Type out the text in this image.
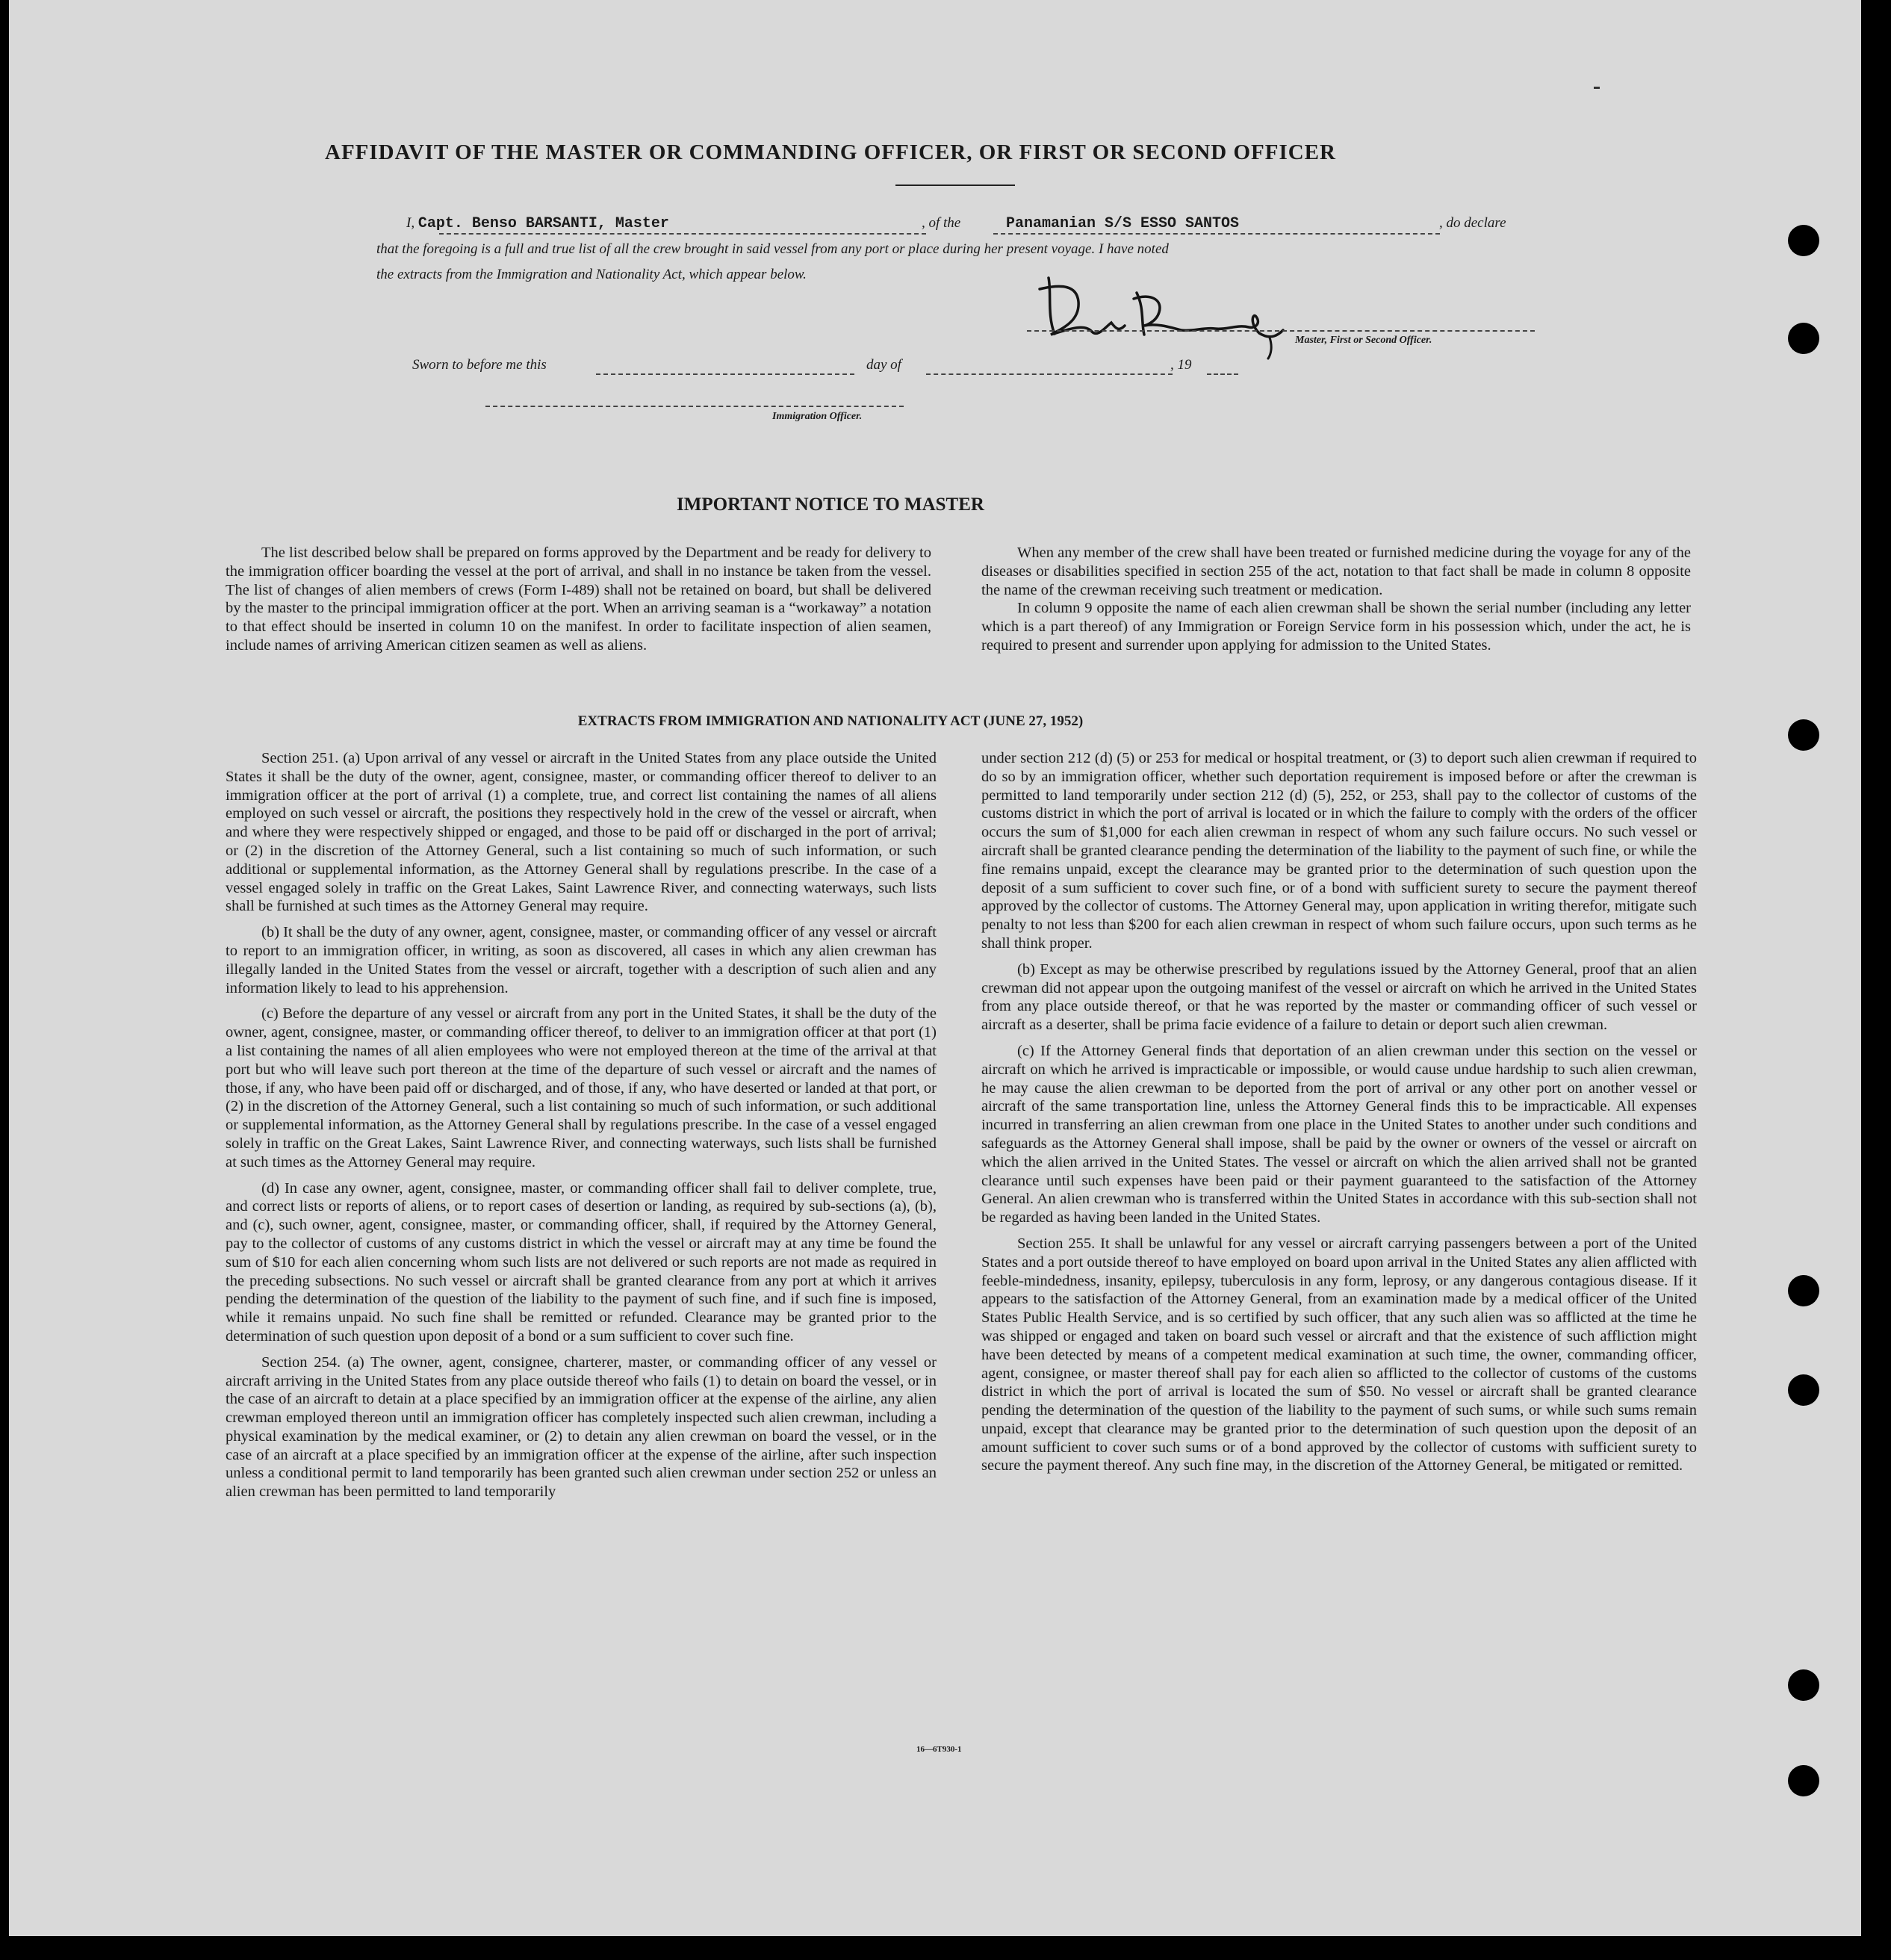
AFFIDAVIT OF THE MASTER OR COMMANDING OFFICER, OR FIRST OR SECOND OFFICER
I, Capt. Benso BARSANTI, Master	, of the	Panamanian S/S ESSO SANTOS	, do declare
that the foregoing is a full and true list of all the crew brought in said vessel from any port or place during her present voyage. I have noted
the extracts from the Immigration and Nationality Act, which appear below.
Master, First or Second Officer.
Sworn to before me this	day of	, 19
Immigration Officer.
IMPORTANT NOTICE TO MASTER

The list described below shall be prepared on forms approved by the Department and be ready for delivery to the immigration officer boarding the vessel at the port of arrival, and shall in no instance be taken from the vessel. The list of changes of alien members of crews (Form I-489) shall not be retained on board, but shall be delivered by the master to the principal immigration officer at the port. When an arriving seaman is a “workaway” a notation to that effect should be inserted in column 10 on the manifest. In order to facilitate inspection of alien seamen, include names of arriving American citizen seamen as well as aliens.

When any member of the crew shall have been treated or furnished medicine during the voyage for any of the diseases or disabilities specified in section 255 of the act, notation to that fact shall be made in column 8 opposite the name of the crewman receiving such treatment or medication.

In column 9 opposite the name of each alien crewman shall be shown the serial number (including any letter which is a part thereof) of any Immigration or Foreign Service form in his possession which, under the act, he is required to present and surrender upon applying for admission to the United States.

EXTRACTS FROM IMMIGRATION AND NATIONALITY ACT (JUNE 27, 1952)

Section 251. (a) Upon arrival of any vessel or aircraft in the United States from any place outside the United States it shall be the duty of the owner, agent, consignee, master, or commanding officer thereof to deliver to an immigration officer at the port of arrival (1) a complete, true, and correct list containing the names of all aliens employed on such vessel or aircraft, the positions they respectively hold in the crew of the vessel or aircraft, when and where they were respectively shipped or engaged, and those to be paid off or discharged in the port of arrival; or (2) in the discretion of the Attorney General, such a list containing so much of such information, or such additional or supplemental information, as the Attorney General shall by regulations prescribe. In the case of a vessel engaged solely in traffic on the Great Lakes, Saint Lawrence River, and connecting waterways, such lists shall be furnished at such times as the Attorney General may require.

(b) It shall be the duty of any owner, agent, consignee, master, or commanding officer of any vessel or aircraft to report to an immigration officer, in writing, as soon as discovered, all cases in which any alien crewman has illegally landed in the United States from the vessel or aircraft, together with a description of such alien and any information likely to lead to his apprehension.

(c) Before the departure of any vessel or aircraft from any port in the United States, it shall be the duty of the owner, agent, consignee, master, or commanding officer thereof, to deliver to an immigration officer at that port (1) a list containing the names of all alien employees who were not employed thereon at the time of the arrival at that port but who will leave such port thereon at the time of the departure of such vessel or aircraft and the names of those, if any, who have been paid off or discharged, and of those, if any, who have deserted or landed at that port, or (2) in the discretion of the Attorney General, such a list containing so much of such information, or such additional or supplemental information, as the Attorney General shall by regulations prescribe. In the case of a vessel engaged solely in traffic on the Great Lakes, Saint Lawrence River, and connecting waterways, such lists shall be furnished at such times as the Attorney General may require.

(d) In case any owner, agent, consignee, master, or commanding officer shall fail to deliver complete, true, and correct lists or reports of aliens, or to report cases of desertion or landing, as required by sub-sections (a), (b), and (c), such owner, agent, consignee, master, or commanding officer, shall, if required by the Attorney General, pay to the collector of customs of any customs district in which the vessel or aircraft may at any time be found the sum of $10 for each alien concerning whom such lists are not delivered or such reports are not made as required in the preceding subsections. No such vessel or aircraft shall be granted clearance from any port at which it arrives pending the determination of the question of the liability to the payment of such fine, and if such fine is imposed, while it remains unpaid. No such fine shall be remitted or refunded. Clearance may be granted prior to the determination of such question upon deposit of a bond or a sum sufficient to cover such fine.

Section 254. (a) The owner, agent, consignee, charterer, master, or commanding officer of any vessel or aircraft arriving in the United States from any place outside thereof who fails (1) to detain on board the vessel, or in the case of an aircraft to detain at a place specified by an immigration officer at the expense of the airline, any alien crewman employed thereon until an immigration officer has completely inspected such alien crewman, including a physical examination by the medical examiner, or (2) to detain any alien crewman on board the vessel, or in the case of an aircraft at a place specified by an immigration officer at the expense of the airline, after such inspection unless a conditional permit to land temporarily has been granted such alien crewman under section 252 or unless an alien crewman has been permitted to land temporarily

under section 212 (d) (5) or 253 for medical or hospital treatment, or (3) to deport such alien crewman if required to do so by an immigration officer, whether such deportation requirement is imposed before or after the crewman is permitted to land temporarily under section 212 (d) (5), 252, or 253, shall pay to the collector of customs of the customs district in which the port of arrival is located or in which the failure to comply with the orders of the officer occurs the sum of $1,000 for each alien crewman in respect of whom any such failure occurs. No such vessel or aircraft shall be granted clearance pending the determination of the liability to the payment of such fine, or while the fine remains unpaid, except the clearance may be granted prior to the determination of such question upon the deposit of a sum sufficient to cover such fine, or of a bond with sufficient surety to secure the payment thereof approved by the collector of customs. The Attorney General may, upon application in writing therefor, mitigate such penalty to not less than $200 for each alien crewman in respect of whom such failure occurs, upon such terms as he shall think proper.

(b) Except as may be otherwise prescribed by regulations issued by the Attorney General, proof that an alien crewman did not appear upon the outgoing manifest of the vessel or aircraft on which he arrived in the United States from any place outside thereof, or that he was reported by the master or commanding officer of such vessel or aircraft as a deserter, shall be prima facie evidence of a failure to detain or deport such alien crewman.

(c) If the Attorney General finds that deportation of an alien crewman under this section on the vessel or aircraft on which he arrived is impracticable or impossible, or would cause undue hardship to such alien crewman, he may cause the alien crewman to be deported from the port of arrival or any other port on another vessel or aircraft of the same transportation line, unless the Attorney General finds this to be impracticable. All expenses incurred in transferring an alien crewman from one place in the United States to another under such conditions and safeguards as the Attorney General shall impose, shall be paid by the owner or owners of the vessel or aircraft on which the alien arrived in the United States. The vessel or aircraft on which the alien arrived shall not be granted clearance until such expenses have been paid or their payment guaranteed to the satisfaction of the Attorney General. An alien crewman who is transferred within the United States in accordance with this sub-section shall not be regarded as having been landed in the United States.

Section 255. It shall be unlawful for any vessel or aircraft carrying passengers between a port of the United States and a port outside thereof to have employed on board upon arrival in the United States any alien afflicted with feeble-mindedness, insanity, epilepsy, tuberculosis in any form, leprosy, or any dangerous contagious disease. If it appears to the satisfaction of the Attorney General, from an examination made by a medical officer of the United States Public Health Service, and is so certified by such officer, that any such alien was so afflicted at the time he was shipped or engaged and taken on board such vessel or aircraft and that the existence of such affliction might have been detected by means of a competent medical examination at such time, the owner, commanding officer, agent, consignee, or master thereof shall pay for each alien so afflicted to the collector of customs of the customs district in which the port of arrival is located the sum of $50. No vessel or aircraft shall be granted clearance pending the determination of the question of the liability to the payment of such sums, or while such sums remain unpaid, except that clearance may be granted prior to the determination of such question upon the deposit of an amount sufficient to cover such sums or of a bond approved by the collector of customs with sufficient surety to secure the payment thereof. Any such fine may, in the discretion of the Attorney General, be mitigated or remitted.

16—6T930-1
